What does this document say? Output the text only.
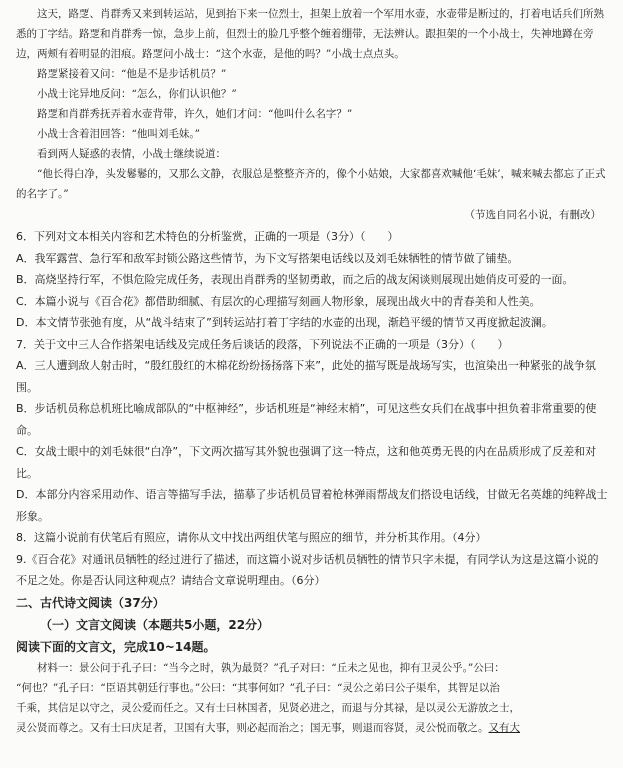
　　这天，路覂、肖群秀又来到转运站，见到抬下来一位烈士，担架上放着一个军用水壶，水壶带是断过的，打着电话兵们所熟悉的丁字结。路覂和肖群秀一惊，急步上前，但烈士的脸几乎整个缠着绷带，无法辨认。跟担架的一个小战士，失神地蹲在旁边，两颊有着明显的泪痕。路覂问小战士：“这个水壶，是他的吗？”小战士点点头。

　　路覂紧接着又问：“他是不是步话机员？”

　　小战士诧异地反问：“怎么，你们认识他？”

　　路覂和肖群秀抚弄着水壶背带，许久，她们才问：“他叫什么名字？”

　　小战士含着泪回答：“他叫刘毛妹。”

　　看到两人疑惑的表情，小战士继续说道：

　　“他长得白净，头发鬈鬈的，又那么文静，衣服总是整整齐齐的，像个小姑娘，大家都喜欢喊他‘毛妹’，喊来喊去都忘了正式的名字了。”

（节选自同名小说，有删改）

6．下列对文本相关内容和艺术特色的分析鉴赏，正确的一项是（3分）（　　）

A．我军露营、急行军和敌军封锁公路这些情节，为下文写搭架电话线以及刘毛妹牺牲的情节做了铺垫。

B．高烧坚持行军，不惧危险完成任务，表现出肖群秀的坚韧勇敢，而之后的战友闲谈则展现出她俏皮可爱的一面。

C．本篇小说与《百合花》都借助细腻、有层次的心理描写刻画人物形象，展现出战火中的青春美和人性美。

D．本文情节张弛有度，从“战斗结束了”到转运站打着丁字结的水壶的出现，渐趋平缓的情节又再度掀起波澜。

7．关于文中三人合作搭架电话线及完成任务后谈话的段落，下列说法不正确的一项是（3分）（　　）

A．三人遭到敌人射击时，“殷红殷红的木棉花纷纷扬扬落下来”，此处的描写既是战场写实，也渲染出一种紧张的战争氛围。

B．步话机员称总机班比喻成部队的“中枢神经”，步话机班是“神经末梢”，可见这些女兵们在战事中担负着非常重要的使命。

C．女战士眼中的刘毛妹很“白净”，下文两次描写其外貌也强调了这一特点，这和他英勇无畏的内在品质形成了反差和对比。

D．本部分内容采用动作、语言等描写手法，描摹了步话机员冒着枪林弹雨帮战友们搭设电话线，甘做无名英雄的纯粹战士形象。

8．这篇小说前有伏笔后有照应，请你从文中找出两组伏笔与照应的细节，并分析其作用。（4分）

9.《百合花》对通讯员牺牲的经过进行了描述，而这篇小说对步话机员牺牲的情节只字未提，有同学认为这是这篇小说的不足之处。你是否认同这种观点？请结合文章说明理由。（6分）

二、古代诗文阅读（37分）

（一）文言文阅读（本题共5小题，22分）

阅读下面的文言文，完成10~14题。

　　材料一：景公问于孔子曰：“当今之时，孰为最贤？”孔子对曰：“丘未之见也，抑有卫灵公乎。”公曰：

“何也？”孔子曰：“臣语其朝廷行事也。”公曰：“其事何如？”孔子曰：“灵公之弟曰公子渠牟，其智足以治

千乘，其信足以守之，灵公爱而任之。又有士曰林国者，见贤必进之，而退与分其禄，是以灵公无游放之士，

灵公贤而尊之。又有士曰庆足者，卫国有大事，则必起而治之；国无事，则退而容贤，灵公悦而敬之。又有大
